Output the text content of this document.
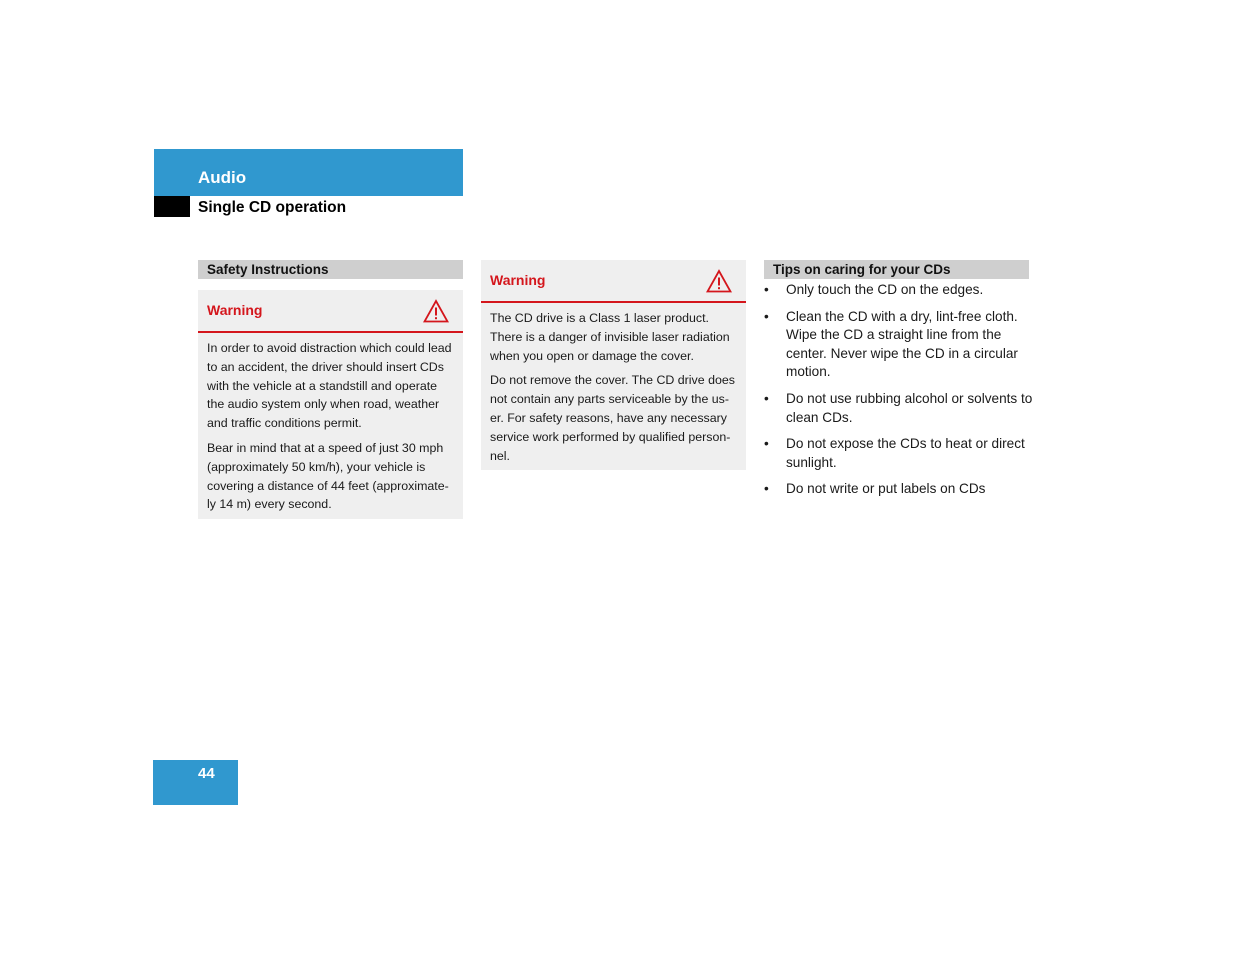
Audio
Single CD operation
Safety Instructions
Warning

In order to avoid distraction which could lead to an accident, the driver should insert CDs with the vehicle at a standstill and operate the audio system only when road, weather and traffic conditions permit.

Bear in mind that at a speed of just 30 mph (approximately 50 km/h), your vehicle is covering a distance of 44 feet (approximate-ly 14 m) every second.

Warning

The CD drive is a Class 1 laser product. There is a danger of invisible laser radiation when you open or damage the cover.

Do not remove the cover. The CD drive does not contain any parts serviceable by the us-er. For safety reasons, have any necessary service work performed by qualified person-nel.

Tips on caring for your CDs
• Only touch the CD on the edges.
• Clean the CD with a dry, lint-free cloth. Wipe the CD a straight line from the center. Never wipe the CD in a circular motion.
• Do not use rubbing alcohol or solvents to clean CDs.
• Do not expose the CDs to heat or direct sunlight.
• Do not write or put labels on CDs
44
